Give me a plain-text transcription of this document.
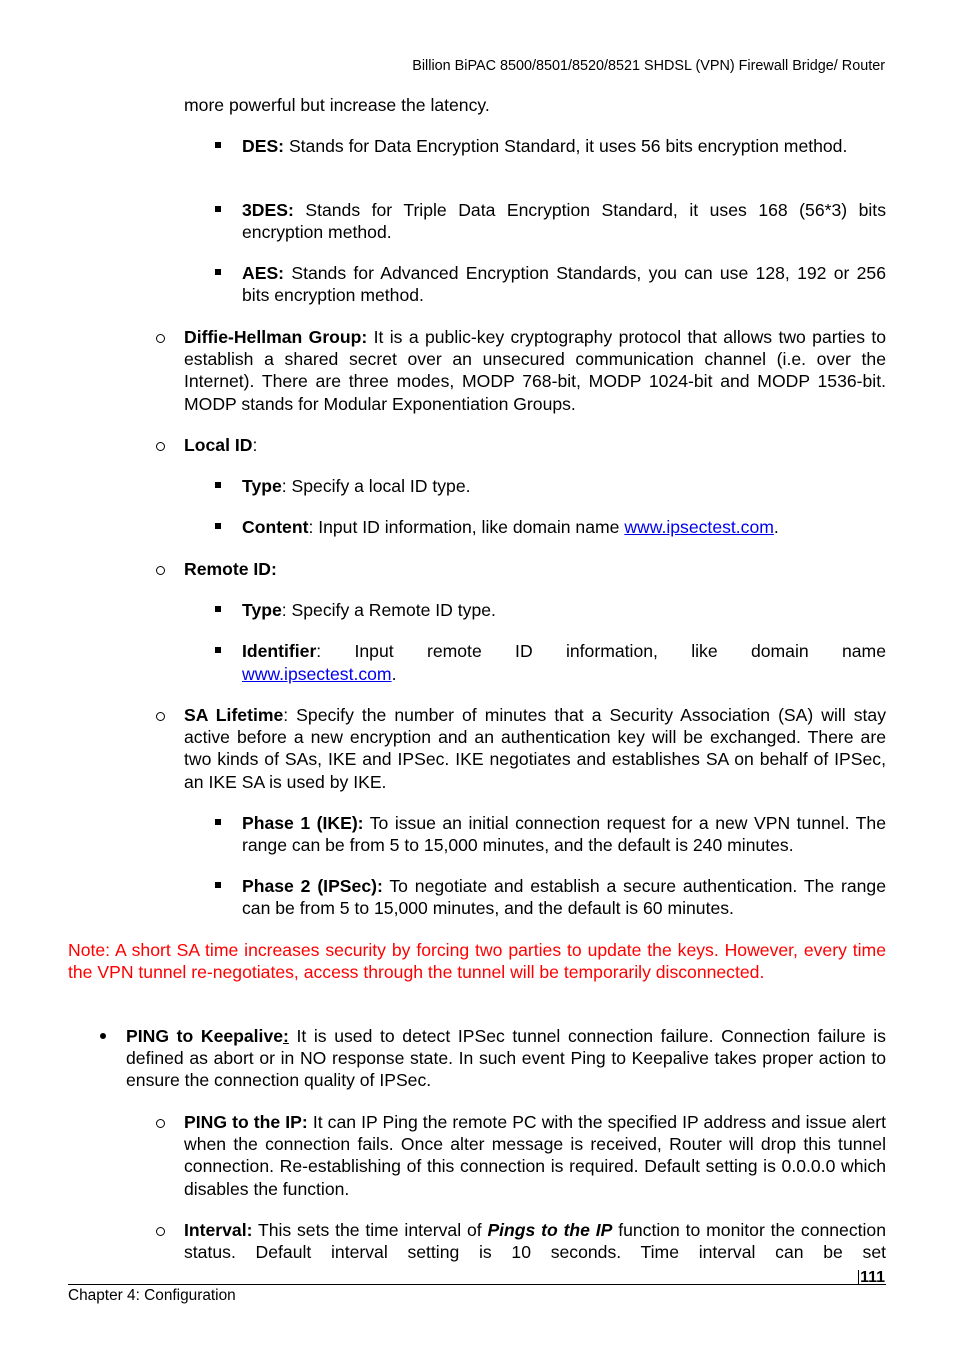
Billion BiPAC 8500/8501/8520/8521 SHDSL (VPN) Firewall Bridge/ Router
more powerful but increase the latency.
DES: Stands for Data Encryption Standard, it uses 56 bits encryption method.
3DES: Stands for Triple Data Encryption Standard, it uses 168 (56*3) bits encryption method.
AES: Stands for Advanced Encryption Standards, you can use 128, 192 or 256 bits encryption method.
Diffie-Hellman Group: It is a public-key cryptography protocol that allows two parties to establish a shared secret over an unsecured communication channel (i.e. over the Internet). There are three modes, MODP 768-bit, MODP 1024-bit and MODP 1536-bit. MODP stands for Modular Exponentiation Groups.
Local ID:
Type: Specify a local ID type.
Content: Input ID information, like domain name www.ipsectest.com.
Remote ID:
Type: Specify a Remote ID type.
Identifier: Input remote ID information, like domain name
www.ipsectest.com.
SA Lifetime: Specify the number of minutes that a Security Association (SA) will stay active before a new encryption and an authentication key will be exchanged. There are two kinds of SAs, IKE and IPSec. IKE negotiates and establishes SA on behalf of IPSec, an IKE SA is used by IKE.
Phase 1 (IKE): To issue an initial connection request for a new VPN tunnel. The range can be from 5 to 15,000 minutes, and the default is 240 minutes.
Phase 2 (IPSec): To negotiate and establish a secure authentication. The range can be from 5 to 15,000 minutes, and the default is 60 minutes.
Note: A short SA time increases security by forcing two parties to update the keys. However, every time the VPN tunnel re-negotiates, access through the tunnel will be temporarily disconnected.
PING to Keepalive: It is used to detect IPSec tunnel connection failure. Connection failure is defined as abort or in NO response state. In such event Ping to Keepalive takes proper action to ensure the connection quality of IPSec.
PING to the IP: It can IP Ping the remote PC with the specified IP address and issue alert when the connection fails. Once alter message is received, Router will drop this tunnel connection. Re-establishing of this connection is required. Default setting is 0.0.0.0 which disables the function.
Interval: This sets the time interval of Pings to the IP function to monitor the connection status. Default interval setting is 10 seconds. Time interval can be set
111
Chapter 4: Configuration
